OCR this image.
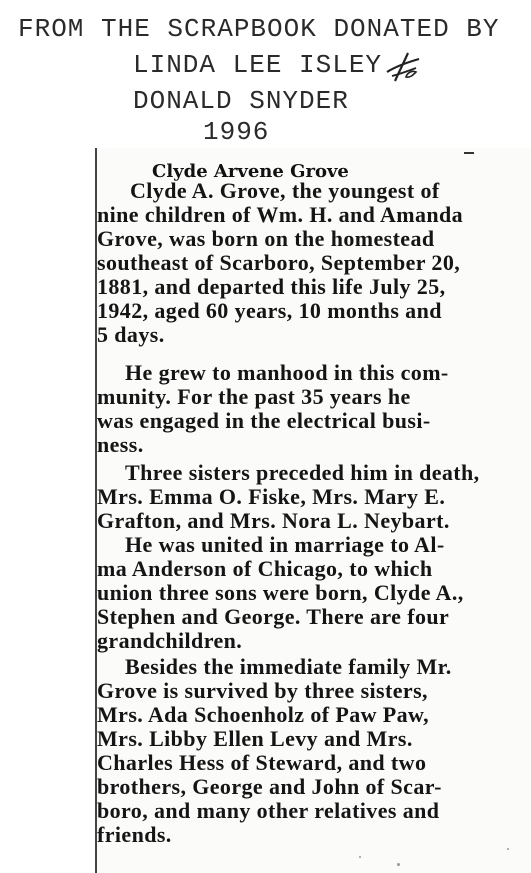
FROM THE SCRAPBOOK DONATED BY

LINDA LEE ISLEY

DONALD SNYDER

1996

Clyde Arvene Grove

Clyde A. Grove, the youngest of

nine children of Wm. H. and Amanda

Grove, was born on the homestead

southeast of Scarboro, September 20,

1881, and departed this life July 25,

1942, aged 60 years, 10 months and

5 days.

He grew to manhood in this com-

munity. For the past 35 years he

was engaged in the electrical busi-

ness.

Three sisters preceded him in death,

Mrs. Emma O. Fiske, Mrs. Mary E.

Grafton, and Mrs. Nora L. Neybart.

He was united in marriage to Al-

ma Anderson of Chicago, to which

union three sons were born, Clyde A.,

Stephen and George. There are four

grandchildren.

Besides the immediate family Mr.

Grove is survived by three sisters,

Mrs. Ada Schoenholz of Paw Paw,

Mrs. Libby Ellen Levy and Mrs.

Charles Hess of Steward, and two

brothers, George and John of Scar-

boro, and many other relatives and

friends.
